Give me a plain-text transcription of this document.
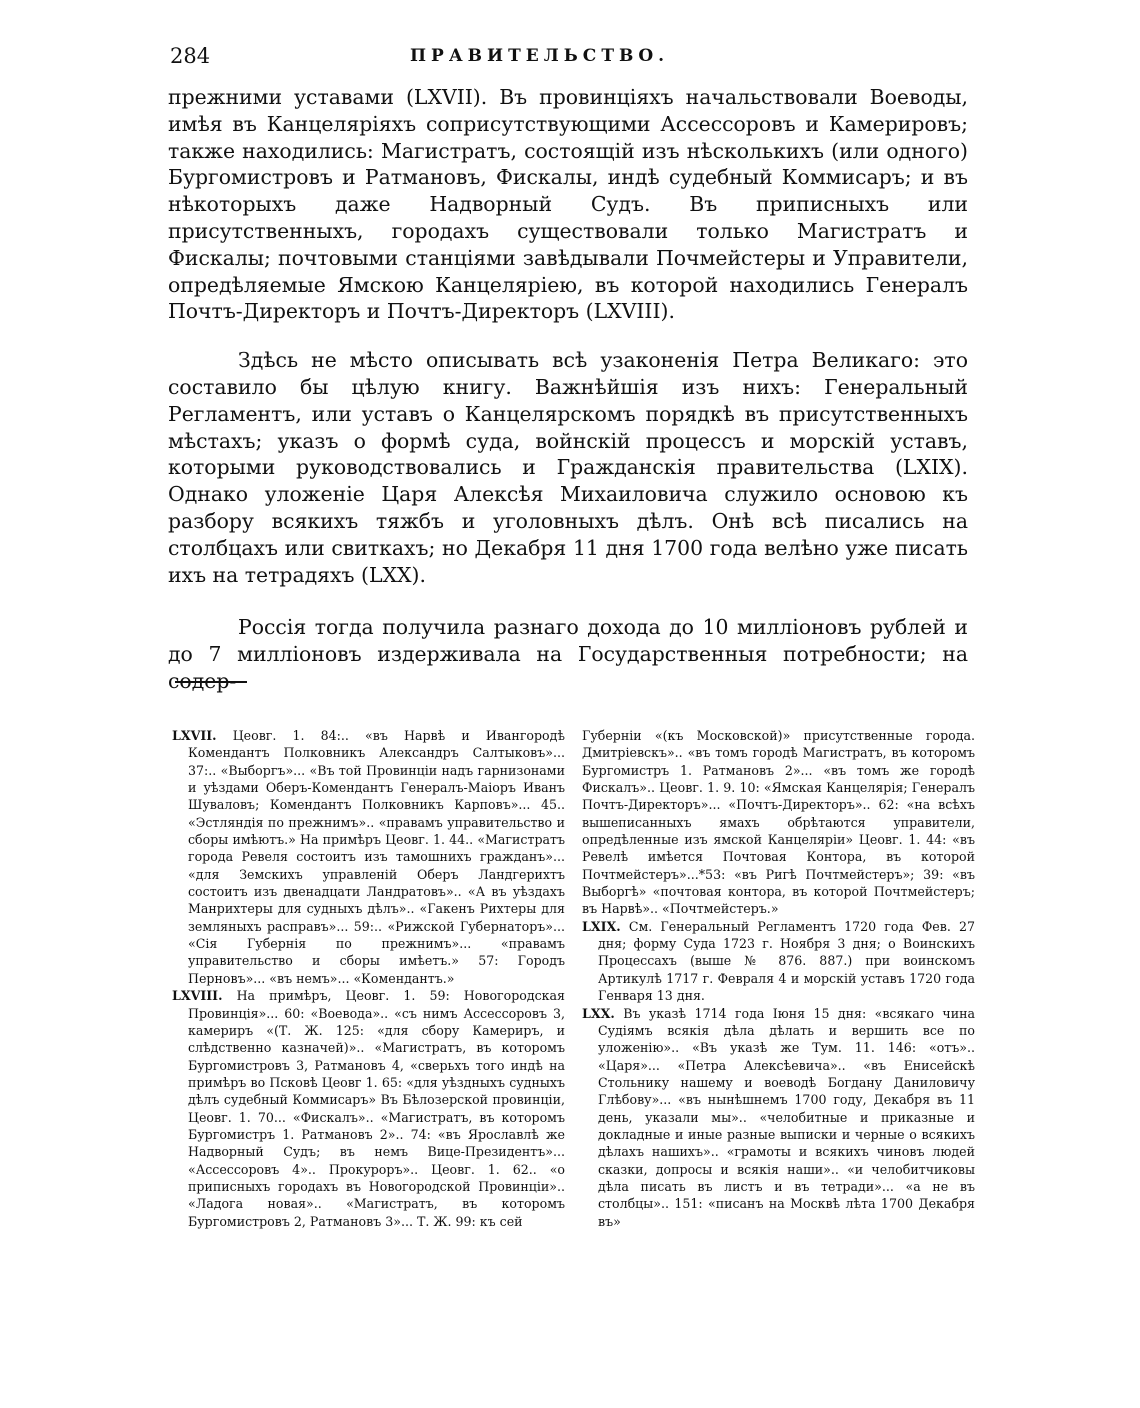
284	ПРАВИТЕЛЬСТВО.

прежними уставами (LXVII). Въ провинціяхъ начальствовали Воеводы, имѣя въ Канцеляріяхъ соприсутствующими Ассессоровъ и Камерировъ; также находились: Магистратъ, состоящій изъ нѣсколькихъ (или одного) Бургомистровъ и Ратмановъ, Фискалы, индѣ судебный Коммисаръ; и въ нѣкоторыхъ даже Надворный Судъ. Въ приписныхъ или присутственныхъ, городахъ существовали только Магистратъ и Фискалы; почтовыми станціями завѣдывали Почмейстеры и Управители, опредѣляемые Ямскою Канцеляріею, въ которой находились Генералъ Почтъ-Директоръ и Почтъ-Директоръ (LXVIII).

Здѣсь не мѣсто описывать всѣ узаконенія Петра Великаго: это составило бы цѣлую книгу. Важнѣйшія изъ нихъ: Генеральный Регламентъ, или уставъ о Канцелярскомъ порядкѣ въ присутственныхъ мѣстахъ; указъ о формѣ суда, войнскій процессъ и морскій уставъ, которыми руководствовались и Гражданскія правительства (LXIX). Однако уложеніе Царя Алексѣя Михаиловича служило основою къ разбору всякихъ тяжбъ и уголовныхъ дѣлъ. Онѣ всѣ писались на столбцахъ или свиткахъ; но Декабря 11 дня 1700 года велѣно уже писать ихъ на тетрадяхъ (LXX).

Россія тогда получила разнаго дохода до 10 милліоновъ рублей и до 7 милліоновъ издерживала на Государственныя потребности; на содер-

LXVII. Цеовг. 1. 84:.. «въ Нарвѣ и Ивангородѣ Комендантъ Полковникъ Александръ Салтыковъ»... 37:.. «Выборгъ»... «Въ той Провинціи надъ гарнизонами и уѣздами Оберъ-Комендантъ Генералъ-Маіоръ Иванъ Шуваловъ; Комендантъ Полковникъ Карповъ»... 45.. «Эстляндія по прежнимъ».. «правамъ управительство и сборы имѣютъ.» На примѣръ Цеовг. 1. 44.. «Магистратъ города Ревеля состоитъ изъ тамошнихъ гражданъ»... «для Земскихъ управленій Оберъ Ландгерихтъ состоитъ изъ двенадцати Ландратовъ».. «А въ уѣздахъ Манрихтеры для судныхъ дѣлъ».. «Гакенъ Рихтеры для земляныхъ расправъ»... 59:.. «Рижской Губернаторъ»... «Сія Губернія по прежнимъ»... «правамъ управительство и сборы имѣетъ.» 57: Городъ Перновъ»... «въ немъ»... «Комендантъ.»

LXVIII. На примѣръ, Цеовг. 1. 59: Новогородская Провинція»... 60: «Воевода».. «съ нимъ Ассессоровъ 3, камериръ «(Т. Ж. 125: «для сбору Камериръ, и слѣдственно казначей)».. «Магистратъ, въ которомъ Бургомистровъ 3, Ратмановъ 4, «сверьхъ того индѣ на примѣръ во Псковѣ Цеовг 1. 65: «для уѣздныхъ судныхъ дѣлъ судебный Коммисаръ» Въ Бѣлозерской провинціи, Цеовг. 1. 70... «Фискалъ».. «Магистратъ, въ которомъ Бургомистръ 1. Ратмановъ 2».. 74: «въ Ярославлѣ же Надворный Судъ; въ немъ Вице-Президентъ»... «Ассессоровъ 4».. Прокуроръ».. Цеовг. 1. 62.. «о приписныхъ городахъ въ Новогородской Провинціи».. «Ладога новая».. «Магистратъ, въ которомъ Бургомистровъ 2, Ратмановъ 3»... Т. Ж. 99: къ сей

Губерніи «(къ Московской)» присутственные города. Дмитріевскъ».. «въ томъ городѣ Магистратъ, въ которомъ Бургомистръ 1. Ратмановъ 2»... «въ томъ же городѣ Фискалъ».. Цеовг. 1. 9. 10: «Ямская Канцелярія; Генералъ Почтъ-Директоръ»... «Почтъ-Директоръ».. 62: «на всѣхъ вышеписанныхъ ямахъ обрѣтаются управители, опредѣленные изъ ямской Канцеляріи» Цеовг. 1. 44: «въ Ревелѣ имѣется Почтовая Контора, въ которой Почтмейстеръ»...*53: «въ Ригѣ Почтмейстеръ»; 39: «въ Выборгѣ» «почтовая контора, въ которой Почтмейстеръ; въ Нарвѣ».. «Почтмейстеръ.»

LXIX. См. Генеральный Регламентъ 1720 года Фев. 27 дня; форму Суда 1723 г. Ноября 3 дня; о Воинскихъ Процессахъ (выше № 876. 887.) при воинскомъ Артикулѣ 1717 г. Февраля 4 и морскій уставъ 1720 года Генваря 13 дня.

LXX. Въ указѣ 1714 года Іюня 15 дня: «всякаго чина Судіямъ всякія дѣла дѣлать и вершить все по уложенію».. «Въ указѣ же Тум. 11. 146: «отъ».. «Царя»... «Петра Алексѣевича».. «въ Енисейскѣ Стольнику нашему и воеводѣ Богдану Даниловичу Глѣбову»... «въ нынѣшнемъ 1700 году, Декабря въ 11 день, указали мы».. «челобитные и приказные и докладные и иные разные выписки и черные о всякихъ дѣлахъ нашихъ».. «грамоты и всякихъ чиновъ людей сказки, допросы и всякія наши».. «и челобитчиковы дѣла писать въ листъ и въ тетради»... «а не въ столбцы».. 151: «писанъ на Москвѣ лѣта 1700 Декабря въ»
